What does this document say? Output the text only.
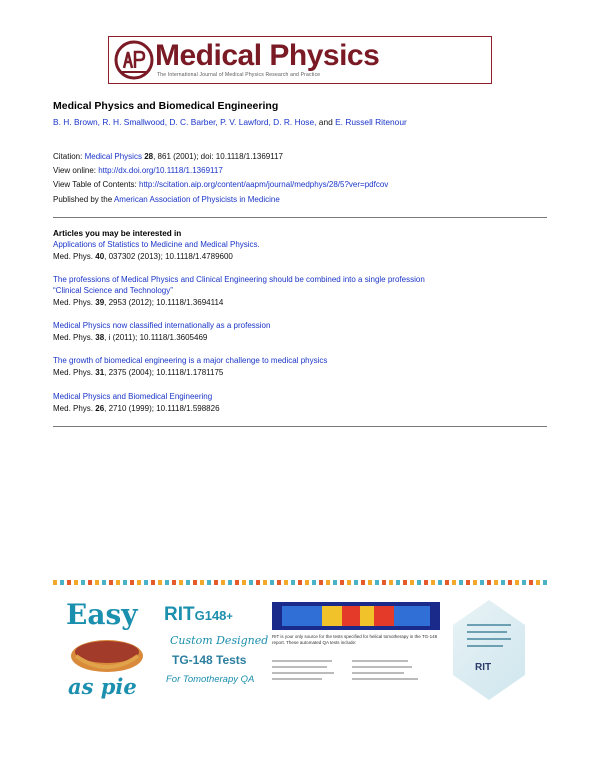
Medical Physics
The International Journal of Medical Physics Research and Practice
Medical Physics and Biomedical Engineering
B. H. Brown, R. H. Smallwood, D. C. Barber, P. V. Lawford, D. R. Hose, and E. Russell Ritenour
Citation: Medical Physics 28, 861 (2001); doi: 10.1118/1.1369117
View online: http://dx.doi.org/10.1118/1.1369117
View Table of Contents: http://scitation.aip.org/content/aapm/journal/medphys/28/5?ver=pdfcov
Published by the American Association of Physicists in Medicine
Articles you may be interested in
Applications of Statistics to Medicine and Medical Physics.
Med. Phys. 40, 037302 (2013); 10.1118/1.4789600
The professions of Medical Physics and Clinical Engineering should be combined into a single profession
“Clinical Science and Technology”
Med. Phys. 39, 2953 (2012); 10.1118/1.3694114
Medical Physics now classified internationally as a profession
Med. Phys. 38, i (2011); 10.1118/1.3605469
The growth of biomedical engineering is a major challenge to medical physics
Med. Phys. 31, 2375 (2004); 10.1118/1.1781175
Medical Physics and Biomedical Engineering
Med. Phys. 26, 2710 (1999); 10.1118/1.598826
Easy
as pie
RITG148+
Custom Designed
TG-148 Tests
For Tomotherapy QA
RIT is your only source for the tests specified for helical tomotherapy in the TG-148 report. These automated QA tests include:
RIT
